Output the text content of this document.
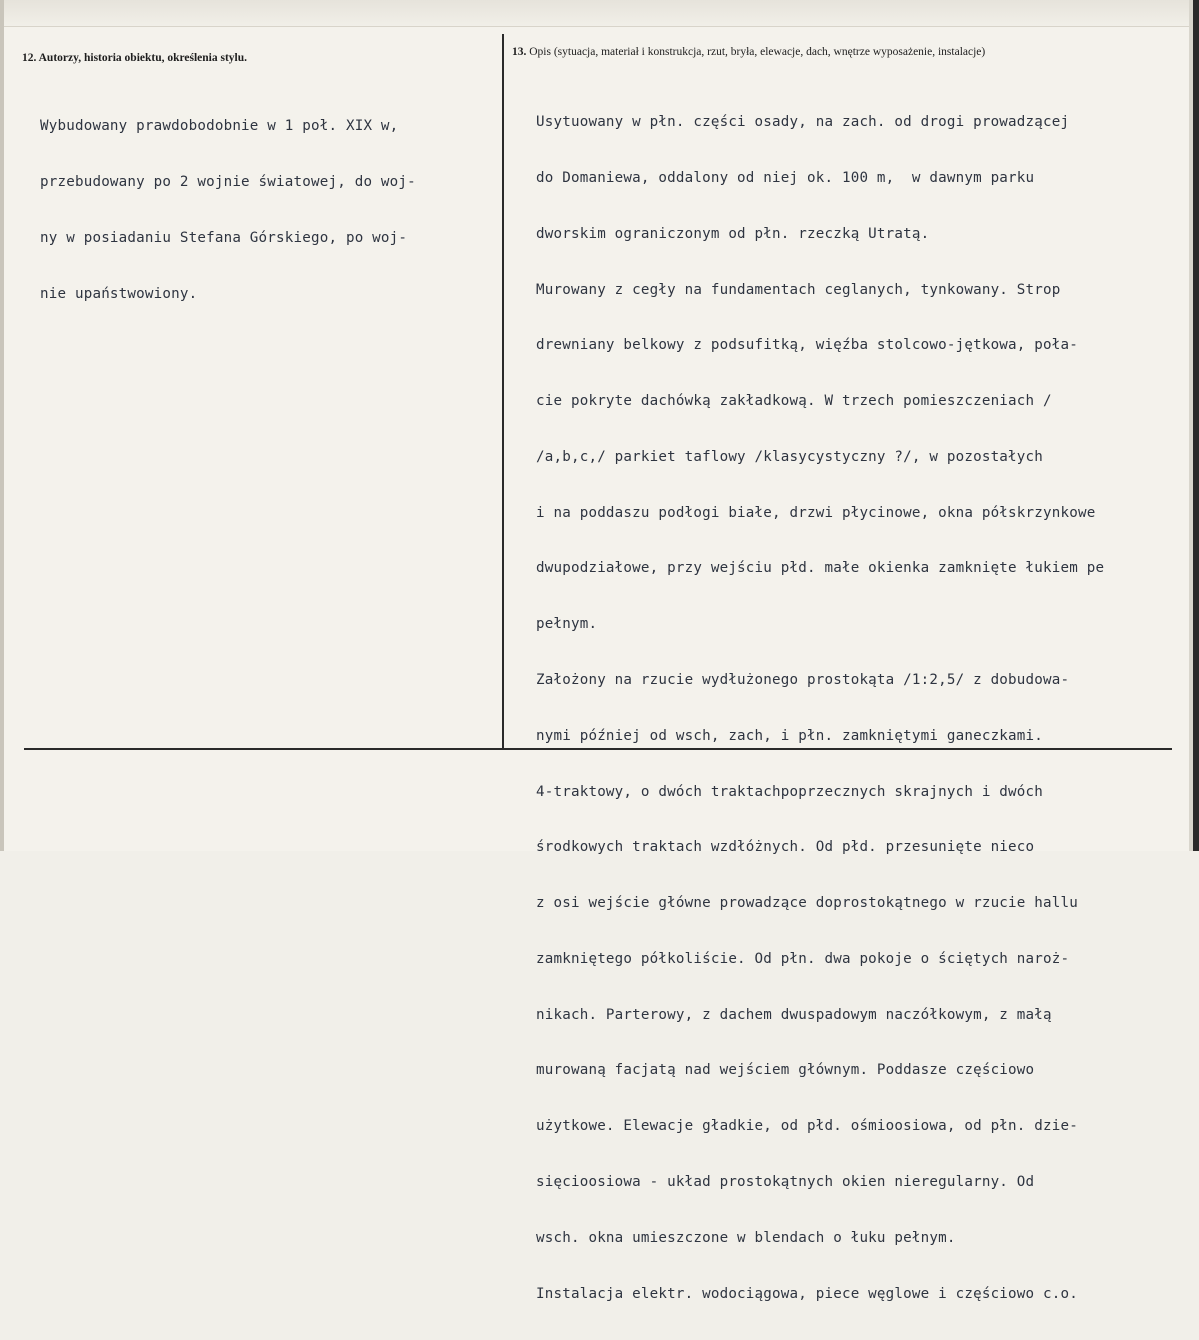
12. Autorzy, historia obiektu, określenia stylu.	13. Opis (sytuacja, materiał i konstrukcja, rzut, bryła, elewacje, dach, wnętrze wyposażenie, instalacje)

Wybudowany prawdobodobnie w 1 poł. XIX w,

przebudowany po 2 wojnie światowej, do woj-

ny w posiadaniu Stefana Górskiego, po woj-

nie upaństwowiony.

Usytuowany w płn. części osady, na zach. od drogi prowadzącej

do Domaniewa, oddalony od niej ok. 100 m,  w dawnym parku

dworskim ograniczonym od płn. rzeczką Utratą.

Murowany z cegły na fundamentach ceglanych, tynkowany. Strop

drewniany belkowy z podsufitką, więźba stolcowo-jętkowa, poła-

cie pokryte dachówką zakładkową. W trzech pomieszczeniach /

/a,b,c,/ parkiet taflowy /klasycystyczny ?/, w pozostałych

i na poddaszu podłogi białe, drzwi płycinowe, okna półskrzynkowe

dwupodziałowe, przy wejściu płd. małe okienka zamknięte łukiem pe

pełnym.

Założony na rzucie wydłużonego prostokąta /1:2,5/ z dobudowa-

nymi później od wsch, zach, i płn. zamkniętymi ganeczkami.

4-traktowy, o dwóch traktachpoprzecznych skrajnych i dwóch

środkowych traktach wzdłóżnych. Od płd. przesunięte nieco

z osi wejście główne prowadzące doprostokątnego w rzucie hallu

zamkniętego półkoliście. Od płn. dwa pokoje o ściętych naroż-

nikach. Parterowy, z dachem dwuspadowym naczółkowym, z małą

murowaną facjatą nad wejściem głównym. Poddasze częściowo

użytkowe. Elewacje gładkie, od płd. ośmioosiowa, od płn. dzie-

sięcioosiowa - układ prostokątnych okien nieregularny. Od

wsch. okna umieszczone w blendach o łuku pełnym.

Instalacja elektr. wodociągowa, piece węglowe i częściowo c.o.
